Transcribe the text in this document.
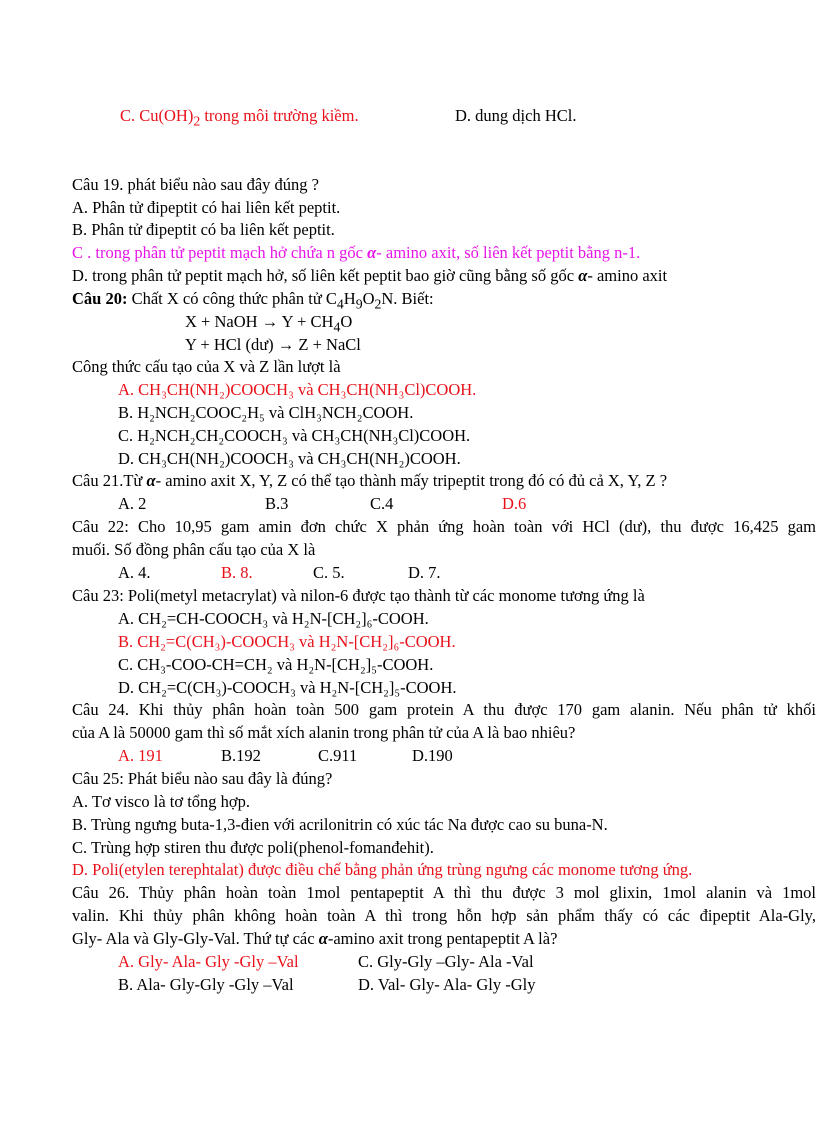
C. $Cu(OH)_2$ trong môi trường kiềm.	D. dung dịch HCl.
Câu 19. phát biểu nào sau đây đúng ?
A. Phân tử đipeptit có hai liên kết peptit.
B. Phân tử đipeptit có ba liên kết peptit.
C . trong phân tử peptit mạch hở chứa n gốc α- amino axit, số liên kết peptit bằng n-1.
D. trong phân tử peptit mạch hở, số liên kết peptit bao giờ cũng bằng số gốc α- amino axit
Câu 20: Chất X có công thức phân tử $C_4H_9O_2N$. Biết:
X + NaOH → $Y + CH_4O$
Y + HCl (dư) → Z + NaCl
Công thức cấu tạo của X và Z lần lượt là
A. CH₃CH(NH₂)COOCH₃ và CH₃CH(NH₃Cl)COOH.
B. H₂NCH₂COOC₂H₅ và ClH₃NCH₂COOH.
C. H₂NCH₂CH₂COOCH₃ và CH₃CH(NH₃Cl)COOH.
D. CH₃CH(NH₂)COOCH₃ và CH₃CH(NH₂)COOH.
Câu 21.Từ α- amino axit X, Y, Z có thể tạo thành mấy tripeptit trong đó có đủ cả X, Y, Z ?
A. 2	B.3	C.4	D.6
Câu 22: Cho 10,95 gam amin đơn chức X phản ứng hoàn toàn với HCl (dư), thu được 16,425 gam
muối. Số đồng phân cấu tạo của X là
A. 4.	B. 8.	C. 5.	D. 7.
Câu 23: Poli(metyl metacrylat) và nilon-6 được tạo thành từ các monome tương ứng là
A. CH₂=CH-COOCH₃ và H₂N-[CH₂]₆-COOH.
B. CH₂=C(CH₃)-COOCH₃ và H₂N-[CH₂]₆-COOH.
C. CH₃-COO-CH=CH₂ và H₂N-[CH₂]₅-COOH.
D. CH₂=C(CH₃)-COOCH₃ và H₂N-[CH₂]₅-COOH.
Câu 24. Khi thủy phân hoàn toàn 500 gam protein A thu được 170 gam alanin. Nếu phân tử khối
của A là 50000 gam thì số mắt xích alanin trong phân tử của A là bao nhiêu?
A. 191	B.192	C.911	D.190
Câu 25: Phát biểu nào sau đây là đúng?
A. Tơ visco là tơ tổng hợp.
B. Trùng ngưng buta-1,3-đien với acrilonitrin có xúc tác Na được cao su buna-N.
C. Trùng hợp stiren thu được poli(phenol-fomanđehit).
D. Poli(etylen terephtalat) được điều chế bằng phản ứng trùng ngưng các monome tương ứng.
Câu 26. Thủy phân hoàn toàn 1mol pentapeptit A thì thu được 3 mol glixin, 1mol alanin và 1mol
valin. Khi thủy phân không hoàn toàn A thì trong hỗn hợp sản phẩm thấy có các đipeptit Ala-Gly,
Gly- Ala và Gly-Gly-Val. Thứ tự các α-amino axit trong pentapeptit A là?
A. Gly- Ala- Gly -Gly –Val	C. Gly-Gly –Gly- Ala -Val
B. Ala- Gly-Gly -Gly –Val	D. Val- Gly- Ala- Gly -Gly
